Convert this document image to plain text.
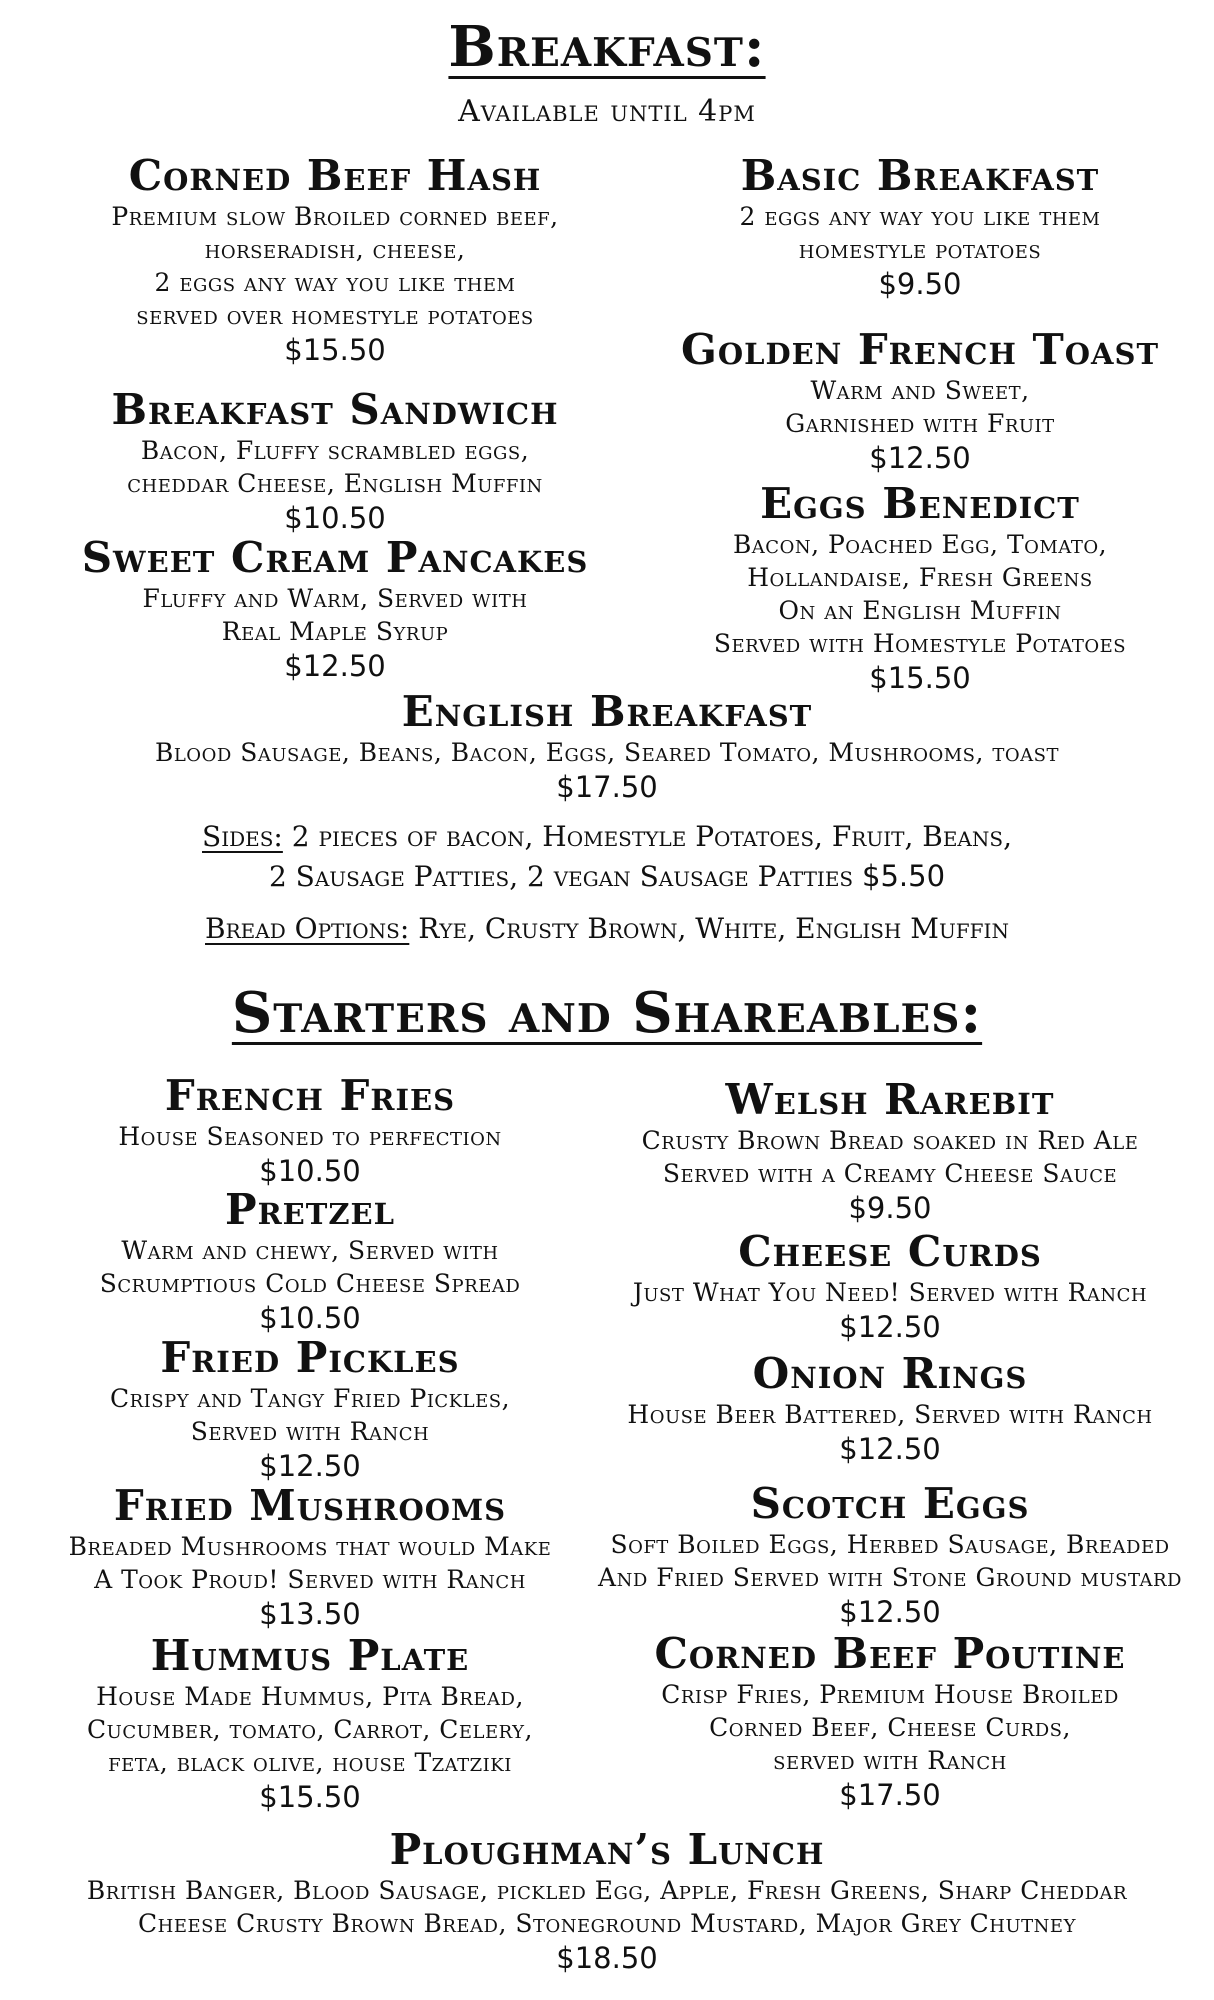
Breakfast:
Available until 4pm
Corned Beef Hash
Premium slow Broiled corned beef,
horseradish, cheese,
2 eggs any way you like them
served over homestyle potatoes
$15.50
Breakfast Sandwich
Bacon, Fluffy scrambled eggs,
cheddar Cheese, English Muffin
$10.50
Sweet Cream Pancakes
Fluffy and Warm, Served with
Real Maple Syrup
$12.50
Basic Breakfast
2 eggs any way you like them
homestyle potatoes
$9.50
Golden French Toast
Warm and Sweet,
Garnished with Fruit
$12.50
Eggs Benedict
Bacon, Poached Egg, Tomato,
Hollandaise, Fresh Greens
On an English Muffin
Served with Homestyle Potatoes
$15.50
English Breakfast
Blood Sausage, Beans, Bacon, Eggs, Seared Tomato, Mushrooms, toast
$17.50
Sides: 2 pieces of bacon, Homestyle Potatoes, Fruit, Beans,
2 Sausage Patties, 2 vegan Sausage Patties $5.50
Bread Options: Rye, Crusty Brown, White, English Muffin
Starters and Shareables:
French Fries
House Seasoned to perfection
$10.50
Pretzel
Warm and chewy, Served with
Scrumptious Cold Cheese Spread
$10.50
Fried Pickles
Crispy and Tangy Fried Pickles,
Served with Ranch
$12.50
Fried Mushrooms
Breaded Mushrooms that would Make
A Took Proud! Served with Ranch
$13.50
Hummus Plate
House Made Hummus, Pita Bread,
Cucumber, tomato, Carrot, Celery,
feta, black olive, house Tzatziki
$15.50
Welsh Rarebit
Crusty Brown Bread soaked in Red Ale
Served with a Creamy Cheese Sauce
$9.50
Cheese Curds
Just What You Need! Served with Ranch
$12.50
Onion Rings
House Beer Battered, Served with Ranch
$12.50
Scotch Eggs
Soft Boiled Eggs, Herbed Sausage, Breaded
And Fried Served with Stone Ground mustard
$12.50
Corned Beef Poutine
Crisp Fries, Premium House Broiled
Corned Beef, Cheese Curds,
served with Ranch
$17.50
Ploughman’s Lunch
British Banger, Blood Sausage, pickled Egg, Apple, Fresh Greens, Sharp Cheddar
Cheese Crusty Brown Bread, Stoneground Mustard, Major Grey Chutney
$18.50
